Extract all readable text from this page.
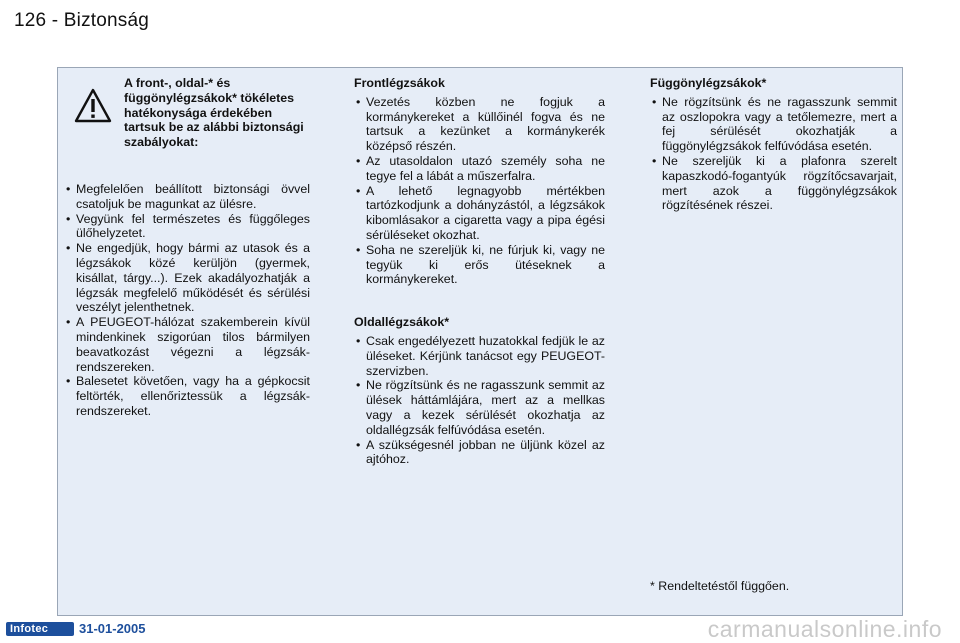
126 - Biztonság
A front-, oldal-* és függönylégzsákok* tökéletes hatékonysága érdekében tartsuk be az alábbi biztonsági szabályokat:
• Megfelelően beállított biztonsági övvel csatoljuk be magunkat az ülésre.
• Vegyünk fel természetes és függőleges ülőhelyzetet.
• Ne engedjük, hogy bármi az utasok és a légzsákok közé kerüljön (gyermek, kisállat, tárgy...). Ezek akadályozhatják a légzsák megfelelő működését és sérülési veszélyt jelenthetnek.
• A PEUGEOT-hálózat szakemberein kívül mindenkinek szigorúan tilos bármilyen beavatkozást végezni a légzsák-rendszereken.
• Balesetet követően, vagy ha a gépkocsit feltörték, ellenőriztessük a légzsák-rendszereket.
Frontlégzsákok
• Vezetés közben ne fogjuk a kormánykereket a küllőinél fogva és ne tartsuk a kezünket a kormánykerék középső részén.
• Az utasoldalon utazó személy soha ne tegye fel a lábát a műszerfalra.
• A lehető legnagyobb mértékben tartózkodjunk a dohányzástól, a légzsákok kibomlásakor a cigaretta vagy a pipa égési sérüléseket okozhat.
• Soha ne szereljük ki, ne fúrjuk ki, vagy ne tegyük ki erős ütéseknek a kormánykereket.
Oldallégzsákok*
• Csak engedélyezett huzatokkal fedjük le az üléseket. Kérjünk tanácsot egy PEUGEOT-szervizben.
• Ne rögzítsünk és ne ragasszunk semmit az ülések háttámlájára, mert az a mellkas vagy a kezek sérülését okozhatja az oldallégzsák felfúvódása esetén.
• A szükségesnél jobban ne üljünk közel az ajtóhoz.
Függönylégzsákok*
• Ne rögzítsünk és ne ragasszunk semmit az oszlopokra vagy a tetőlemezre, mert a fej sérülését okozhatják a függönylégzsákok felfúvódása esetén.
• Ne szereljük ki a plafonra szerelt kapaszkodó-fogantyúk rögzítőcsavarjait, mert azok a függönylégzsákok rögzítésének részei.
* Rendeltetéstől függően.
Infotec	31-01-2005	carmanualsonline.info
